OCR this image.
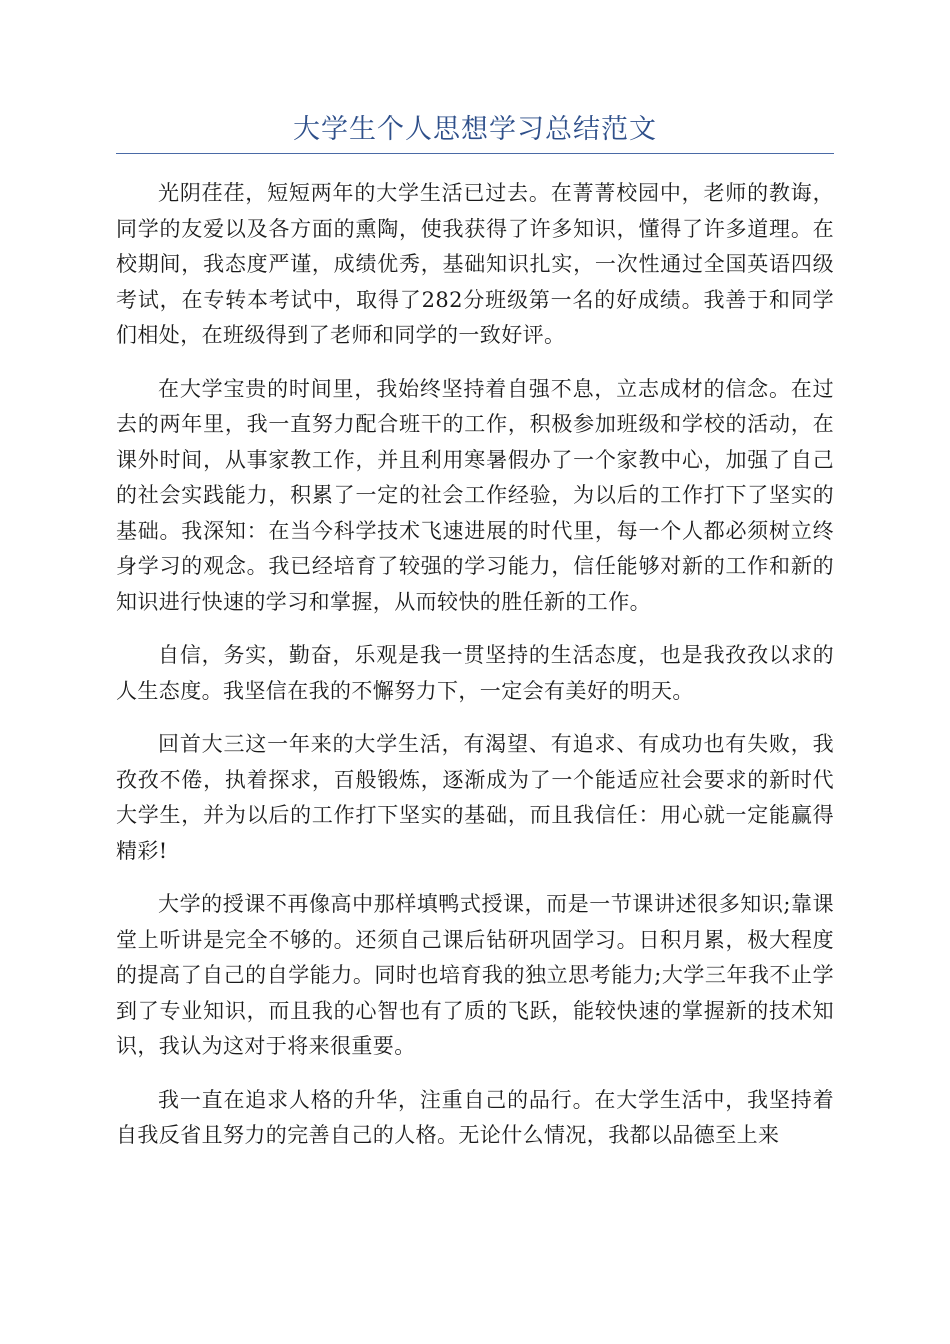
大学生个人思想学习总结范文

光阴荏荏，短短两年的大学生活已过去。在菁菁校园中，老师的教诲，同学的友爱以及各方面的熏陶，使我获得了许多知识，懂得了许多道理。在校期间，我态度严谨，成绩优秀，基础知识扎实，一次性通过全国英语四级考试，在专转本考试中，取得了282分班级第一名的好成绩。我善于和同学们相处，在班级得到了老师和同学的一致好评。

在大学宝贵的时间里，我始终坚持着自强不息，立志成材的信念。在过去的两年里，我一直努力配合班干的工作，积极参加班级和学校的活动，在课外时间，从事家教工作，并且利用寒暑假办了一个家教中心，加强了自己的社会实践能力，积累了一定的社会工作经验，为以后的工作打下了坚实的基础。我深知：在当今科学技术飞速进展的时代里，每一个人都必须树立终身学习的观念。我已经培育了较强的学习能力，信任能够对新的工作和新的知识进行快速的学习和掌握，从而较快的胜任新的工作。

自信，务实，勤奋，乐观是我一贯坚持的生活态度，也是我孜孜以求的人生态度。我坚信在我的不懈努力下，一定会有美好的明天。

回首大三这一年来的大学生活，有渴望、有追求、有成功也有失败，我孜孜不倦，执着探求，百般锻炼，逐渐成为了一个能适应社会要求的新时代大学生，并为以后的工作打下坚实的基础，而且我信任：用心就一定能赢得精彩!

大学的授课不再像高中那样填鸭式授课，而是一节课讲述很多知识;靠课堂上听讲是完全不够的。还须自己课后钻研巩固学习。日积月累，极大程度的提高了自己的自学能力。同时也培育我的独立思考能力;大学三年我不止学到了专业知识，而且我的心智也有了质的飞跃，能较快速的掌握新的技术知识，我认为这对于将来很重要。

我一直在追求人格的升华，注重自己的品行。在大学生活中，我坚持着自我反省且努力的完善自己的人格。无论什么情况，我都以品德至上来
